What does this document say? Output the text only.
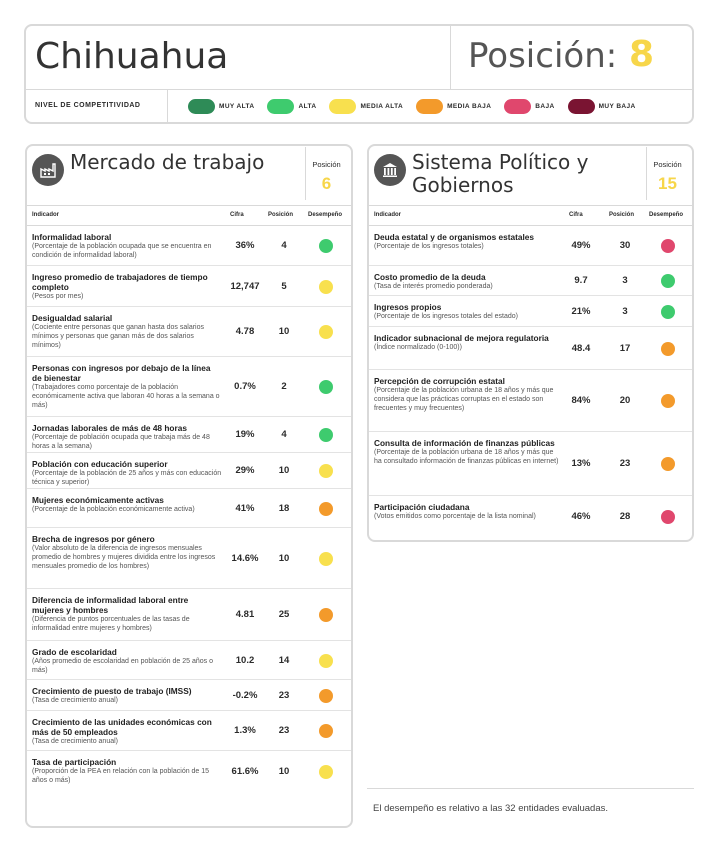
Chihuahua	Posición: 8
NIVEL DE COMPETITIVIDAD	MUY ALTA	ALTA	MEDIA ALTA	MEDIA BAJA	BAJA	MUY BAJA
Mercado de trabajo	Posición
6
Indicador	Cifra	Posición Desempeño
Informalidad laboral
(Porcentaje de la población ocupada que se encuentra en condición de informalidad laboral)
36%	4
Ingreso promedio de trabajadores de tiempo completo
(Pesos por mes)
12,747	5
Desigualdad salarial
(Cociente entre personas que ganan hasta dos salarios mínimos y personas que ganan más de dos salarios mínimos)
4.78	10
Personas con ingresos por debajo de la línea de bienestar
(Trabajadores como porcentaje de la población económicamente activa que laboran 40 horas a la semana o más)
0.7%	2
Jornadas laborales de más de 48 horas
(Porcentaje de población ocupada que trabaja más de 48 horas a la semana)
19%	4
Población con educación superior
(Porcentaje de la población de 25 años y más con educación técnica y superior)
29%	10
Mujeres económicamente activas
(Porcentaje de la población económicamente activa)	41%	18
Brecha de ingresos por género
(Valor absoluto de la diferencia de ingresos mensuales promedio de hombres y mujeres dividida entre los ingresos mensuales promedio de los hombres)
14.6%	10
Diferencia de informalidad laboral entre mujeres y hombres
(Diferencia de puntos porcentuales de las tasas de informalidad entre mujeres y hombres)
4.81	25
Grado de escolaridad
(Años promedio de escolaridad en población de 25 años o más)
10.2	14
Crecimiento de puesto de trabajo (IMSS)
(Tasa de crecimiento anual)	-0.2%	23
Crecimiento de las unidades económicas con más de 50 empleados
(Tasa de crecimiento anual)
1.3%	23
Tasa de participación
(Proporción de la PEA en relación con la población de 15 años o más)
61.6%	10
Sistema Político y Gobiernos
Posición
15
Indicador	Cifra	Posición Desempeño
Deuda estatal y de organismos estatales
(Porcentaje de los ingresos totales)	49%	30
Costo promedio de la deuda
(Tasa de interés promedio ponderada)
9.7	3
Ingresos propios
(Porcentaje de los ingresos totales del estado)	21%	3
Indicador subnacional de mejora regulatoria
(Índice normalizado (0-100))	48.4	17
Percepción de corrupción estatal
(Porcentaje de la población urbana de 18 años y más que considera que las prácticas corruptas en el estado son frecuentes y muy frecuentes)
84%	20
Consulta de información de finanzas públicas
(Porcentaje de la población urbana de 18 años y más que ha consultado información de finanzas públicas en internet)	13%	23
Participación ciudadana
(Votos emitidos como porcentaje de la lista nominal)	46%	28
El desempeño es relativo a las 32 entidades evaluadas.
